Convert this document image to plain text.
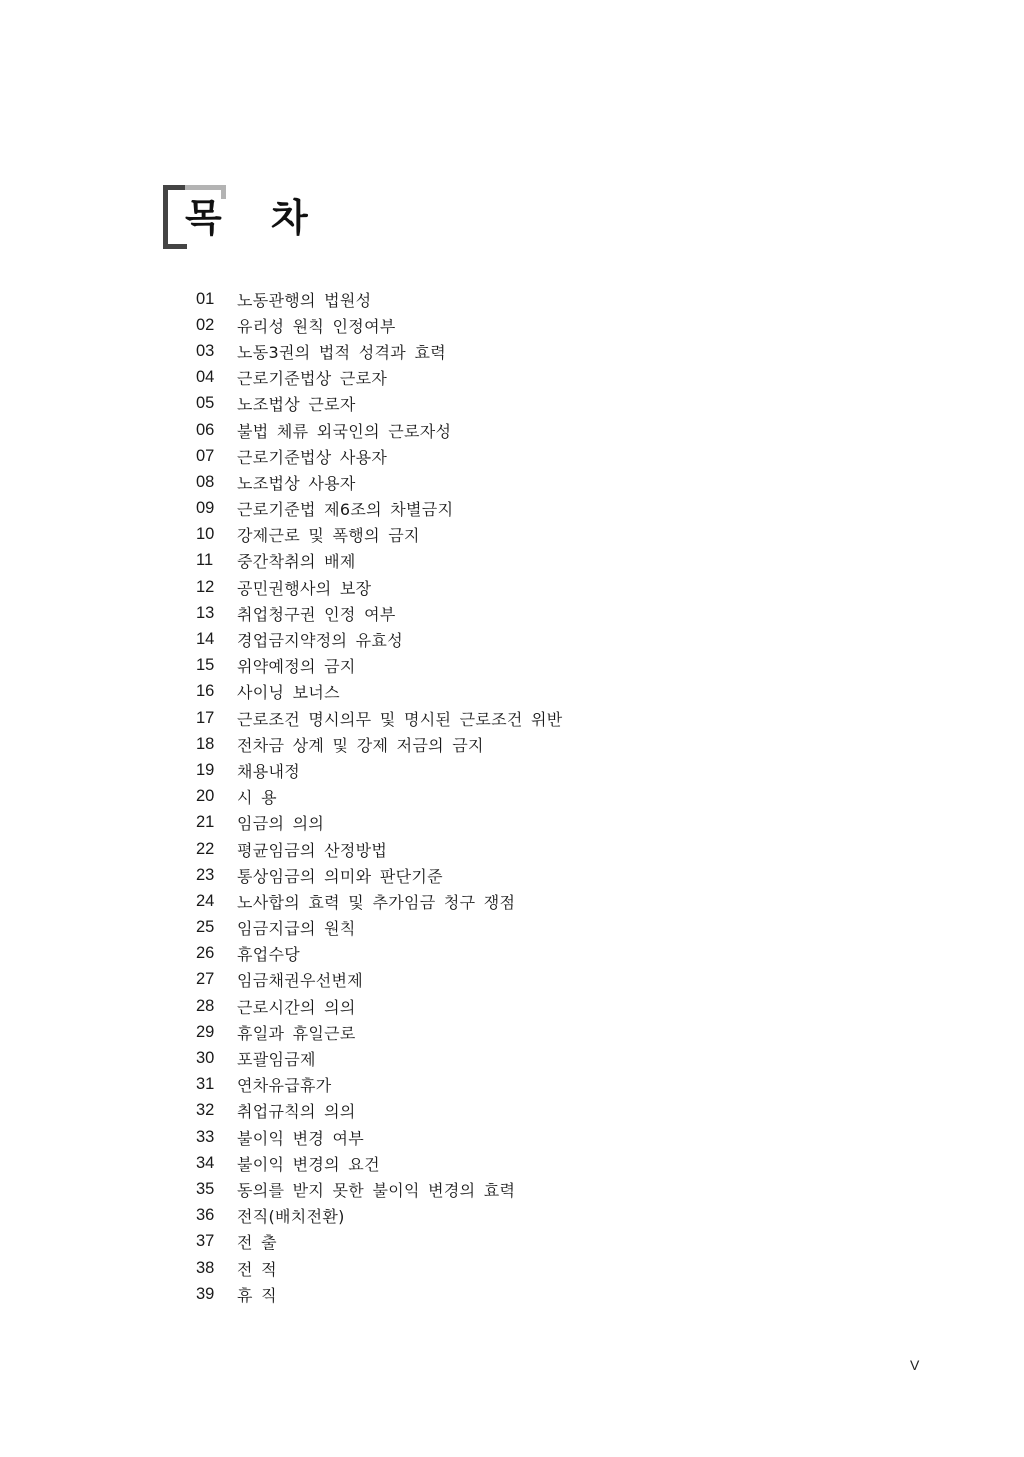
목 차
01	노동관행의 법원성
02	유리성 원칙 인정여부
03	노동3권의 법적 성격과 효력
04	근로기준법상 근로자
05	노조법상 근로자
06	불법 체류 외국인의 근로자성
07	근로기준법상 사용자
08	노조법상 사용자
09	근로기준법 제6조의 차별금지
10	강제근로 및 폭행의 금지
11	중간착취의 배제
12	공민권행사의 보장
13	취업청구권 인정 여부
14	경업금지약정의 유효성
15	위약예정의 금지
16	사이닝 보너스
17	근로조건 명시의무 및 명시된 근로조건 위반
18	전차금 상계 및 강제 저금의 금지
19	채용내정
20	시 용
21	임금의 의의
22	평균임금의 산정방법
23	통상임금의 의미와 판단기준
24	노사합의 효력 및 추가임금 청구 쟁점
25	임금지급의 원칙
26	휴업수당
27	임금채권우선변제
28	근로시간의 의의
29	휴일과 휴일근로
30	포괄임금제
31	연차유급휴가
32	취업규칙의 의의
33	불이익 변경 여부
34	불이익 변경의 요건
35	동의를 받지 못한 불이익 변경의 효력
36	전직(배치전환)
37	전 출
38	전 적
39	휴 직
V
